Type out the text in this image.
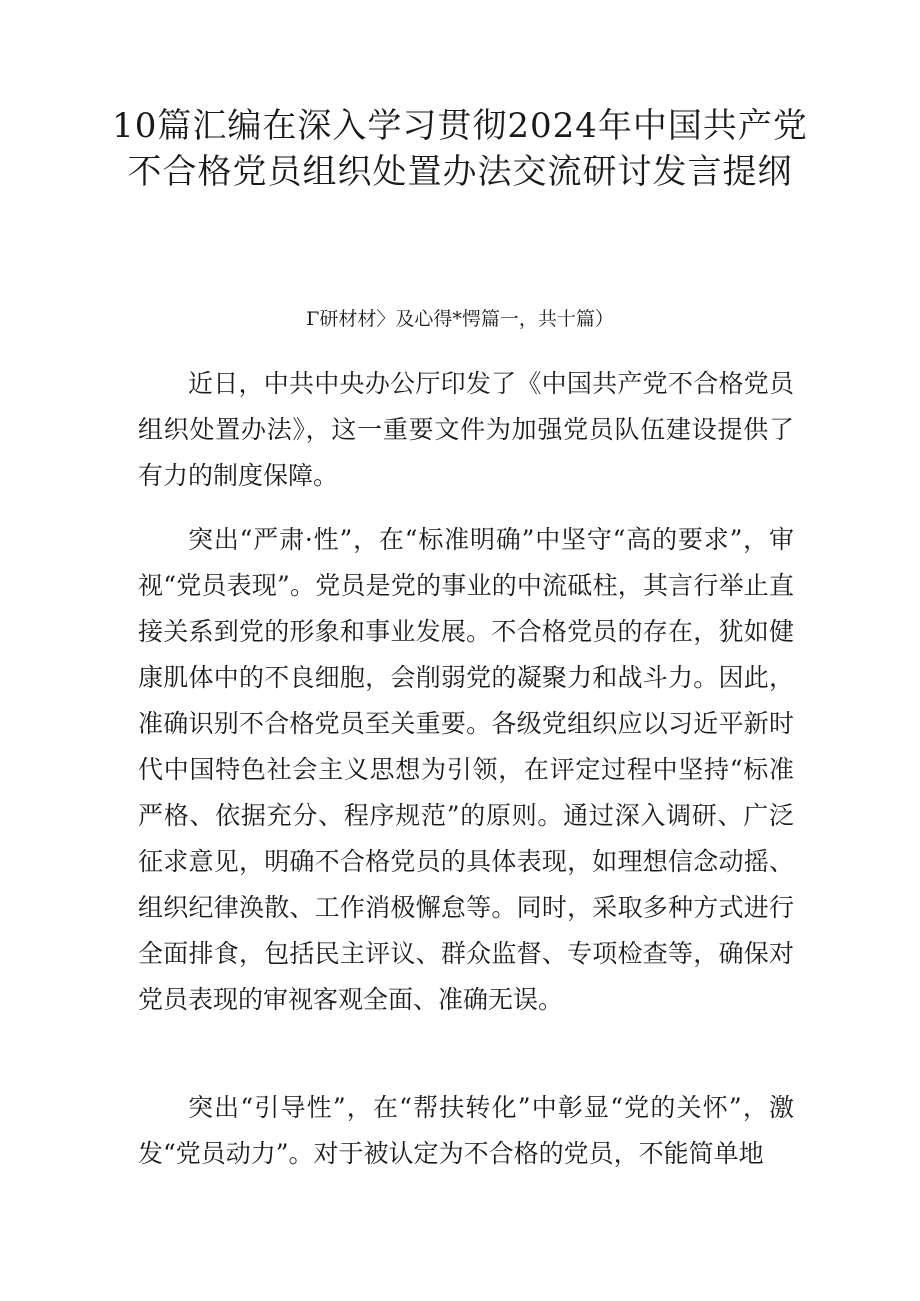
10篇汇编在深入学习贯彻2024年中国共产党不合格党员组织处置办法交流研讨发言提纲

Γ研材材〉及心得*愕篇一，共十篇）

近日，中共中央办公厅印发了《中国共产党不合格党员组织处置办法》，这一重要文件为加强党员队伍建设提供了有力的制度保障。

突出“严肃·性”，在“标准明确”中坚守“高的要求”，审视“党员表现”。党员是党的事业的中流砥柱，其言行举止直接关系到党的形象和事业发展。不合格党员的存在，犹如健康肌体中的不良细胞，会削弱党的凝聚力和战斗力。因此，准确识别不合格党员至关重要。各级党组织应以习近平新时代中国特色社会主义思想为引领，在评定过程中坚持“标准严格、依据充分、程序规范”的原则。通过深入调研、广泛征求意见，明确不合格党员的具体表现，如理想信念动摇、组织纪律涣散、工作消极懈怠等。同时，采取多种方式进行全面排食，包括民主评议、群众监督、专项检查等，确保对党员表现的审视客观全面、准确无误。

突出“引导性”，在“帮扶转化”中彰显“党的关怀”，激发“党员动力”。对于被认定为不合格的党员，不能简单地
